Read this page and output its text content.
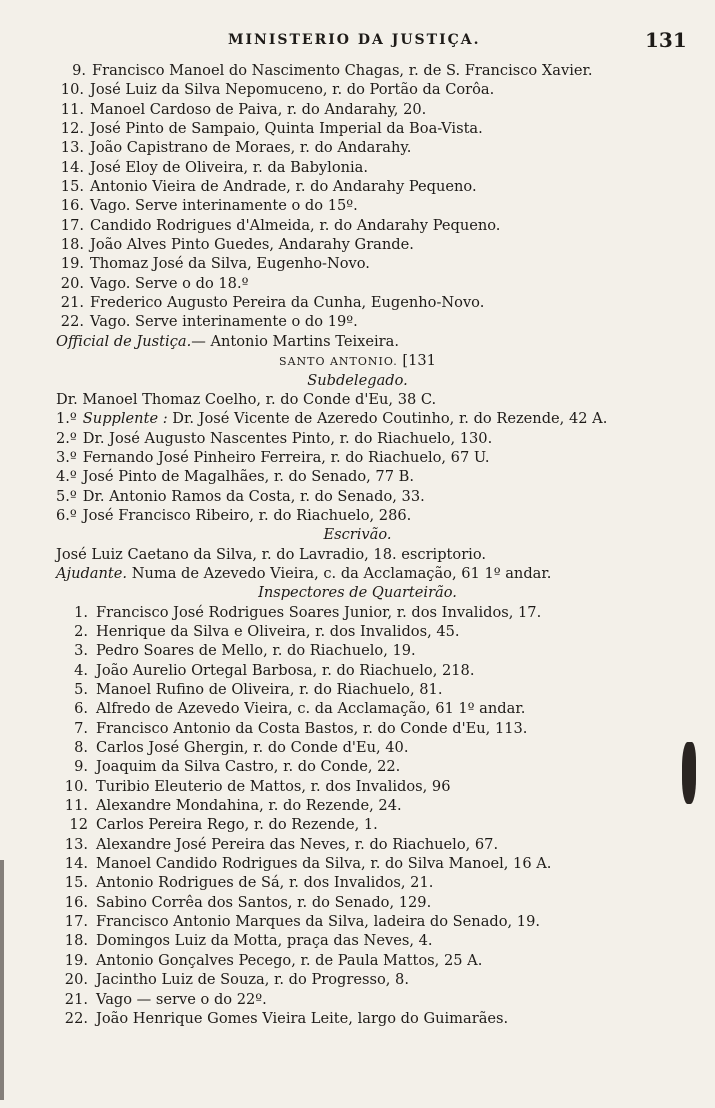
MINISTERIO DA JUSTIÇA.	131
9. Francisco Manoel do Nascimento Chagas, r. de S. Francisco Xavier.
10. José Luiz da Silva Nepomuceno, r. do Portão da Corôa.
11. Manoel Cardoso de Paiva, r. do Andarahy, 20.
12. José Pinto de Sampaio, Quinta Imperial da Boa-Vista.
13. João Capistrano de Moraes, r. do Andarahy.
14. José Eloy de Oliveira, r. da Babylonia.
15. Antonio Vieira de Andrade, r. do Andarahy Pequeno.
16. Vago. Serve interinamente o do 15º.
17. Candido Rodrigues d'Almeida, r. do Andarahy Pequeno.
18. João Alves Pinto Guedes, Andarahy Grande.
19. Thomaz José da Silva, Eugenho-Novo.
20. Vago. Serve o do 18.º
21. Frederico Augusto Pereira da Cunha, Eugenho-Novo.
22. Vago. Serve interinamente o do 19º.
Official de Justiça.— Antonio Martins Teixeira.
SANTO ANTONIO. [131
Subdelegado.
Dr. Manoel Thomaz Coelho, r. do Conde d'Eu, 38 C.
1.º Supplente : Dr. José Vicente de Azeredo Coutinho, r. do Rezende, 42 A.
2.º Dr. José Augusto Nascentes Pinto, r. do Riachuelo, 130.
3.º Fernando José Pinheiro Ferreira, r. do Riachuelo, 67 U.
4.º José Pinto de Magalhães, r. do Senado, 77 B.
5.º Dr. Antonio Ramos da Costa, r. do Senado, 33.
6.º José Francisco Ribeiro, r. do Riachuelo, 286.
Escrivão.
José Luiz Caetano da Silva, r. do Lavradio, 18. escriptorio.
Ajudante. Numa de Azevedo Vieira, c. da Acclamação, 61 1º andar.
Inspectores de Quarteirão.
1. Francisco José Rodrigues Soares Junior, r. dos Invalidos, 17.
2. Henrique da Silva e Oliveira, r. dos Invalidos, 45.
3. Pedro Soares de Mello, r. do Riachuelo, 19.
4. João Aurelio Ortegal Barbosa, r. do Riachuelo, 218.
5. Manoel Rufino de Oliveira, r. do Riachuelo, 81.
6. Alfredo de Azevedo Vieira, c. da Acclamação, 61 1º andar.
7. Francisco Antonio da Costa Bastos, r. do Conde d'Eu, 113.
8. Carlos José Ghergin, r. do Conde d'Eu, 40.
9. Joaquim da Silva Castro, r. do Conde, 22.
10. Turibio Eleuterio de Mattos, r. dos Invalidos, 96
11. Alexandre Mondahina, r. do Rezende, 24.
12 Carlos Pereira Rego, r. do Rezende, 1.
13. Alexandre José Pereira das Neves, r. do Riachuelo, 67.
14. Manoel Candido Rodrigues da Silva, r. do Silva Manoel, 16 A.
15. Antonio Rodrigues de Sá, r. dos Invalidos, 21.
16. Sabino Corrêa dos Santos, r. do Senado, 129.
17. Francisco Antonio Marques da Silva, ladeira do Senado, 19.
18. Domingos Luiz da Motta, praça das Neves, 4.
19. Antonio Gonçalves Pecego, r. de Paula Mattos, 25 A.
20. Jacintho Luiz de Souza, r. do Progresso, 8.
21. Vago — serve o do 22º.
22. João Henrique Gomes Vieira Leite, largo do Guimarães.
